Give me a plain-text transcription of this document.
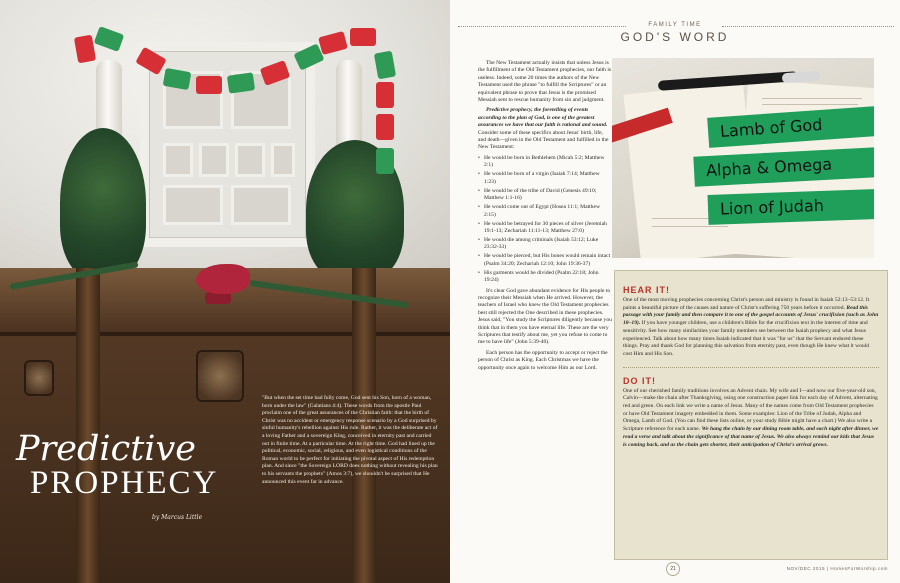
Predictive
PROPHECY
by Marcus Little
"But when the set time had fully come, God sent his Son, born of a woman, born under the law" (Galatians 4:4). These words from the apostle Paul proclaim one of the great assurances of the Christian faith: that the birth of Christ was no accident or emergency response scenario by a God surprised by sinful humanity's rebellion against His rule. Rather, it was the deliberate act of a loving Father and a sovereign King, conceived in eternity past and carried out in finite time. At a particular time. At the right time. God had lined up the political, economic, social, religious, and even logistical conditions of the Roman world to be perfect for initiating the pivotal aspect of His redemption plan. And since "the Sovereign LORD does nothing without revealing his plan to his servants the prophets" (Amos 3:7), we shouldn't be surprised that He announced this event far in advance.
FAMILY TIME
GOD'S WORD

The New Testament actually insists that unless Jesus is the fulfillment of the Old Testament prophecies, our faith is useless. Indeed, some 20 times the authors of the New Testament used the phrase "to fulfill the Scriptures" or an equivalent phrase to prove that Jesus is the promised Messiah sent to rescue humanity from sin and judgment.

Predictive prophecy, the foretelling of events according to the plan of God, is one of the greatest assurances we have that our faith is rational and sound. Consider some of these specifics about Jesus' birth, life, and death—given in the Old Testament and fulfilled in the New Testament:

• He would be born in Bethlehem (Micah 5:2; Matthew 2:1)
• He would be born of a virgin (Isaiah 7:14; Matthew 1:23)
• He would be of the tribe of David (Genesis 49:10; Matthew 1:1-16)
• He would come out of Egypt (Hosea 11:1; Matthew 2:15)
• He would be betrayed for 30 pieces of silver (Jeremiah 19:1-13; Zechariah 11:11-13; Matthew 27:0)
• He would die among criminals (Isaiah 53:12; Luke 23:32-33)
• He would be pierced, but His bones would remain intact (Psalm 34:20; Zechariah 12:10; John 19:36-37)
• His garments would be divided (Psalm 22:18; John 19:24)

It's clear God gave abundant evidence for His people to recognize their Messiah when He arrived. However, the teachers of Israel who knew the Old Testament prophecies best still rejected the One described in these prophecies. Jesus said, "You study the Scriptures diligently because you think that in them you have eternal life. These are the very Scriptures that testify about me, yet you refuse to come to me to have life" (John 5:39-40).

Each person has the opportunity to accept or reject the person of Christ as King. Each Christmas we have the opportunity once again to welcome Him as our Lord.

Lamb of God
Alpha & Omega
Lion of Judah
HEAR IT!
One of the most moving prophecies concerning Christ's person and ministry is found in Isaiah 52:13–53:12. It paints a beautiful picture of the causes and nature of Christ's suffering 750 years before it occurred. Read this passage with your family and then compare it to one of the gospel accounts of Jesus' crucifixion (such as John 18–19). If you have younger children, use a children's Bible for the crucifixion text in the interest of time and sensitivity. See how many similarities your family members see between the Isaiah prophecy and what Jesus experienced. Talk about how many times Isaiah indicated that it was "for us" that the Servant endured these things. Pray and thank God for planning this salvation from eternity past, even though He knew what it would cost Him and His Son.
DO IT!
One of our cherished family traditions involves an Advent chain. My wife and I—and now our five-year-old son, Calvin—make the chain after Thanksgiving, using one construction paper link for each day of Advent, alternating red and green. On each link we write a name of Jesus. Many of the names come from Old Testament prophecies or have Old Testament imagery embedded in them. Some examples: Lion of the Tribe of Judah, Alpha and Omega, Lamb of God. (You can find these lists online, or your study Bible might have a chart.) We also write a Scripture reference for each name. We hang the chain by our dining room table, and each night after dinner, we read a verse and talk about the significance of that name of Jesus. We also always remind our kids that Jesus is coming back, and as the chain gets shorter, their anticipation of Christ's arrival grows.
21	NOV/DEC 2015 | HomesForWorship.com
